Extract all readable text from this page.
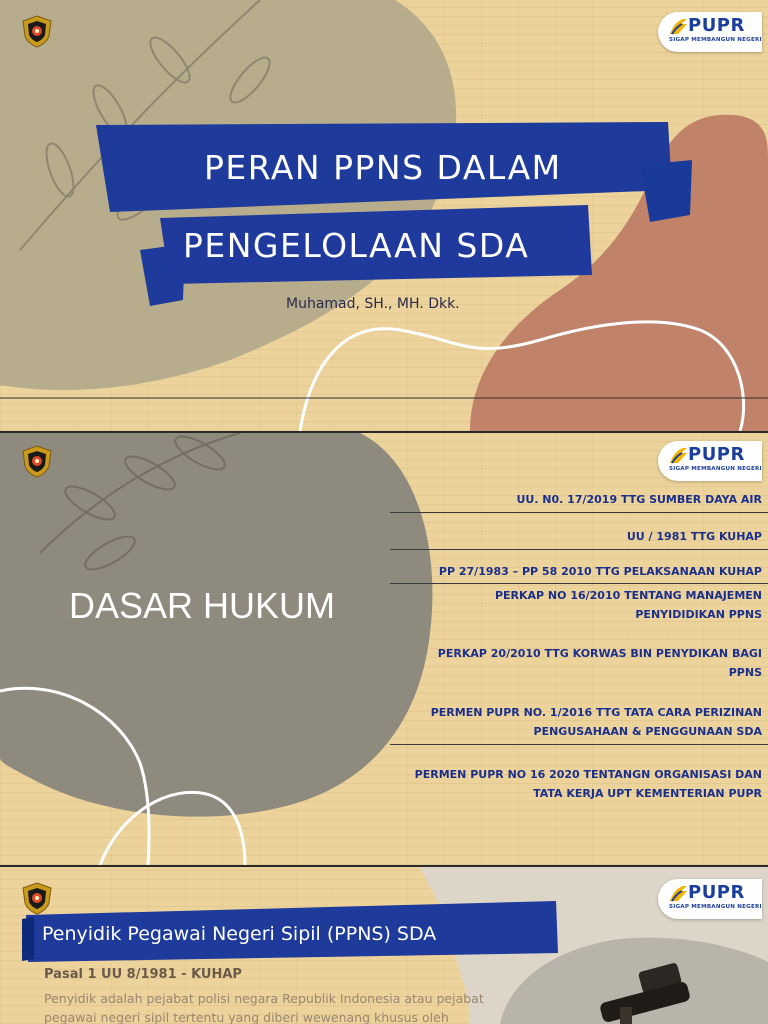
PUPR
SIGAP MEMBANGUN NEGERI
PERAN PPNS DALAM
PENGELOLAAN SDA
Muhamad, SH., MH. Dkk.
PUPR
SIGAP MEMBANGUN NEGERI
DASAR HUKUM
UU. N0. 17/2019 TTG SUMBER DAYA AIR
UU / 1981 TTG KUHAP
PP 27/1983 – PP 58 2010 TTG PELAKSANAAN KUHAP
PERKAP NO 16/2010 TENTANG MANAJEMEN PENYIDIDIKAN PPNS
PERKAP 20/2010 TTG KORWAS BIN PENYDIKAN BAGI PPNS
PERMEN PUPR NO. 1/2016 TTG TATA CARA PERIZINAN PENGUSAHAAN & PENGGUNAAN SDA
PERMEN PUPR NO 16 2020 TENTANGN ORGANISASI DAN TATA KERJA UPT KEMENTERIAN PUPR
PUPR
SIGAP MEMBANGUN NEGERI
Penyidik Pegawai Negeri Sipil (PPNS) SDA
Pasal 1 UU 8/1981 - KUHAP
Penyidik adalah pejabat polisi negara Republik Indonesia atau pejabat pegawai negeri sipil tertentu yang diberi wewenang khusus oleh
